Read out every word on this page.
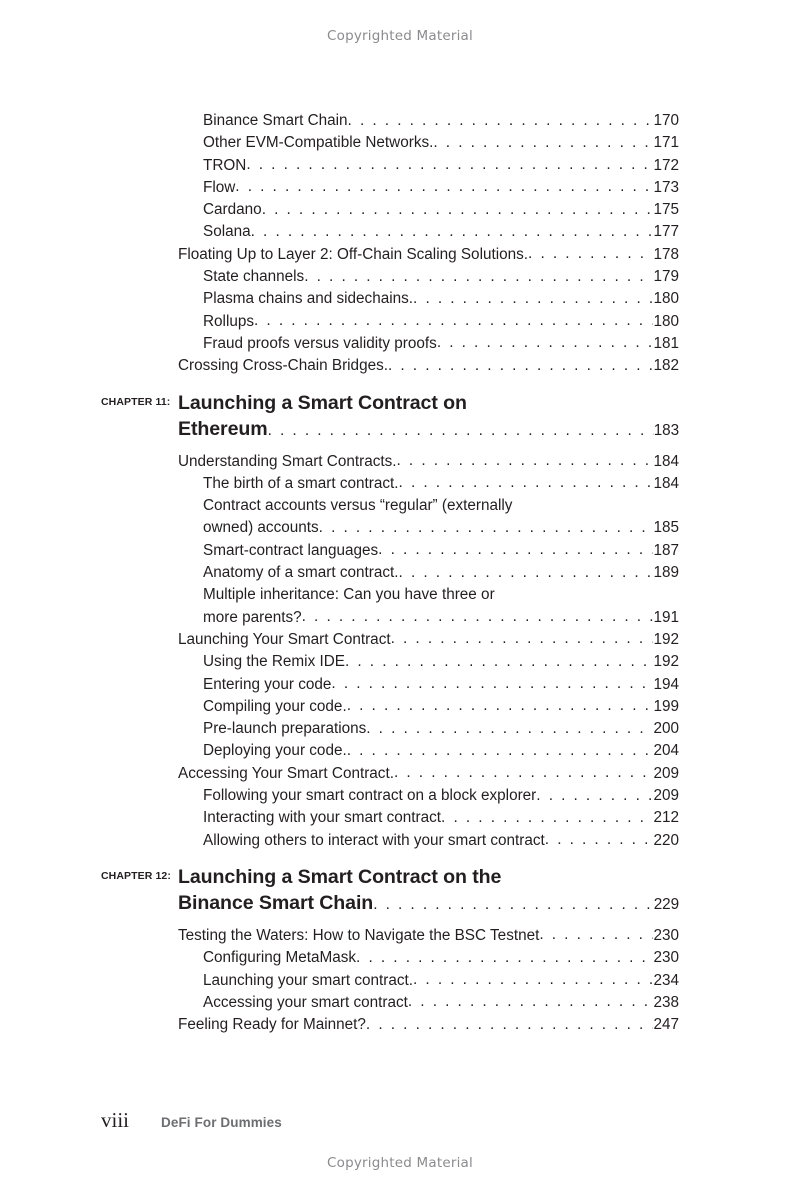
Copyrighted Material
Binance Smart Chain . . .	170
Other EVM-Compatible Networks. . . .	171
TRON . . .	172
Flow . . .	173
Cardano . . .	175
Solana . . .	177
Floating Up to Layer 2: Off-Chain Scaling Solutions. . . .	178
State channels . . .	179
Plasma chains and sidechains. . . .	180
Rollups . . .	180
Fraud proofs versus validity proofs . . .	181
Crossing Cross-Chain Bridges. . . .	182
CHAPTER 11: Launching a Smart Contract on
Ethereum . . .	183
Understanding Smart Contracts. . . .	184
The birth of a smart contract. . . .	184
Contract accounts versus “regular” (externally
owned) accounts . . .	185
Smart-contract languages . . .	187
Anatomy of a smart contract. . . .	189
Multiple inheritance: Can you have three or
more parents? . . .	191
Launching Your Smart Contract . . .	192
Using the Remix IDE . . .	192
Entering your code . . .	194
Compiling your code. . . .	199
Pre-launch preparations . . .	200
Deploying your code. . . .	204
Accessing Your Smart Contract. . . .	209
Following your smart contract on a block explorer . . .	209
Interacting with your smart contract . . .	212
Allowing others to interact with your smart contract . . .	220
CHAPTER 12: Launching a Smart Contract on the
Binance Smart Chain . . .	229
Testing the Waters: How to Navigate the BSC Testnet . . .	230
Configuring MetaMask . . .	230
Launching your smart contract. . . .	234
Accessing your smart contract . . .	238
Feeling Ready for Mainnet? . . .	247
viii	DeFi For Dummies
Copyrighted Material
